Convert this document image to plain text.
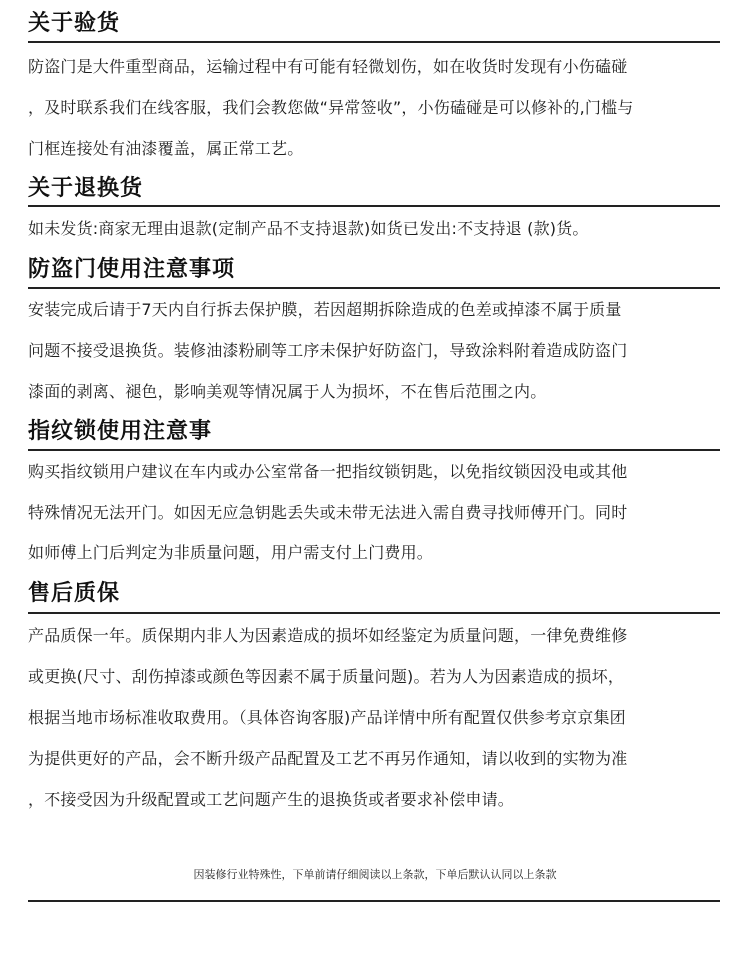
关于验货
防盗门是大件重型商品，运输过程中有可能有轻微划伤，如在收货时发现有小伤磕碰
，及时联系我们在线客服，我们会教您做“异常签收”，小伤磕碰是可以修补的,门槛与
门框连接处有油漆覆盖，属正常工艺。
关于退换货
如未发货:商家无理由退款(定制产品不支持退款)如货已发出:不支持退 (款)货。
防盗门使用注意事项
安装完成后请于7天内自行拆去保护膜，若因超期拆除造成的色差或掉漆不属于质量
问题不接受退换货。装修油漆粉刷等工序未保护好防盗门，导致涂料附着造成防盗门
漆面的剥离、褪色，影响美观等情况属于人为损坏，不在售后范围之内。
指纹锁使用注意事
购买指纹锁用户建议在车内或办公室常备一把指纹锁钥匙，以免指纹锁因没电或其他
特殊情况无法开门。如因无应急钥匙丢失或未带无法进入需自费寻找师傅开门。同时
如师傅上门后判定为非质量问题，用户需支付上门费用。
售后质保
产品质保一年。质保期内非人为因素造成的损坏如经鉴定为质量问题，一律免费维修
或更换(尺寸、刮伤掉漆或颜色等因素不属于质量问题)。若为人为因素造成的损坏，
根据当地市场标准收取费用。（具体咨询客服)产品详情中所有配置仅供参考京京集团
为提供更好的产品，会不断升级产品配置及工艺不再另作通知，请以收到的实物为准
，不接受因为升级配置或工艺问题产生的退换货或者要求补偿申请。
因装修行业特殊性，下单前请仔细阅读以上条款，下单后默认认同以上条款
